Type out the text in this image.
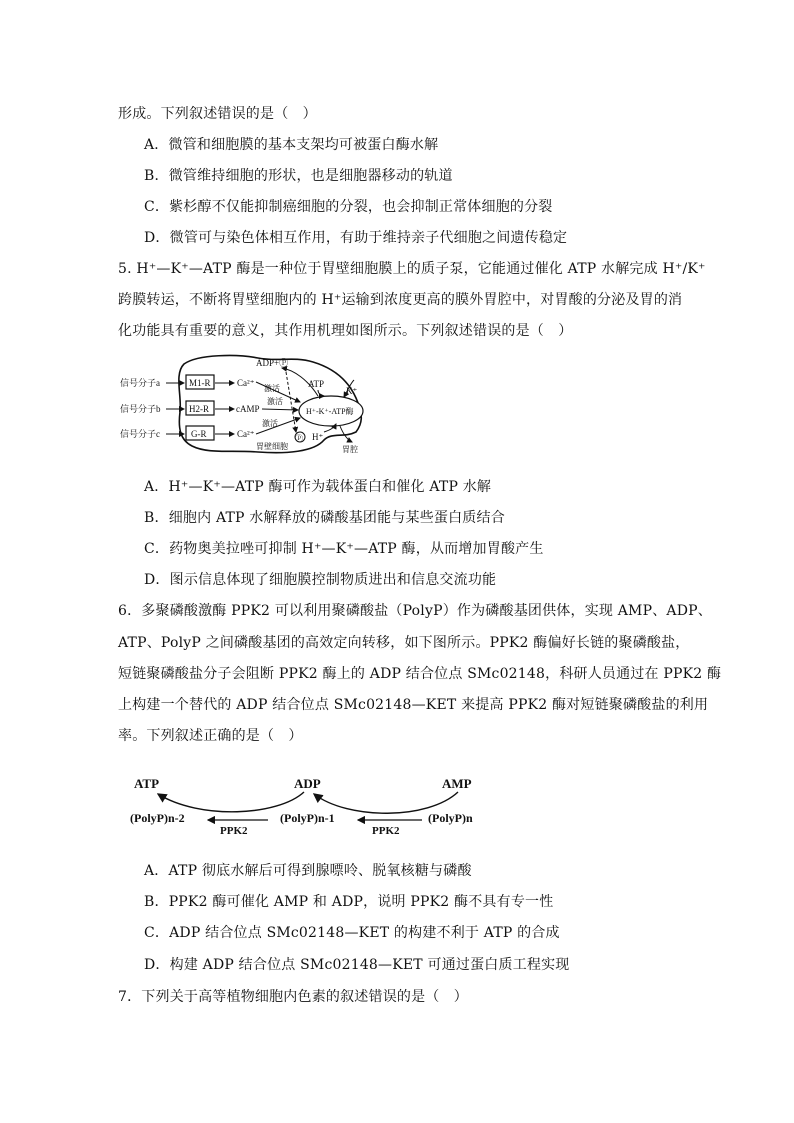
形成。下列叙述错误的是（　）
A．微管和细胞膜的基本支架均可被蛋白酶水解
B．微管维持细胞的形状，也是细胞器移动的轨道
C．紫杉醇不仅能抑制癌细胞的分裂，也会抑制正常体细胞的分裂
D．微管可与染色体相互作用，有助于维持亲子代细胞之间遗传稳定
5. H⁺—K⁺—ATP 酶是一种位于胃壁细胞膜上的质子泵，它能通过催化 ATP 水解完成 H⁺/K⁺
跨膜转运，不断将胃壁细胞内的 H⁺运输到浓度更高的膜外胃腔中，对胃酸的分泌及胃的消
化功能具有重要的意义，其作用机理如图所示。下列叙述错误的是（　）
信号分子a
信号分子b
信号分子c
M1-R
H2-R
G-R
Ca²⁺
cAMP
Ca²⁺
激活
激活
激活
H⁺-K⁺-ATP酶
ADP+Ⓟ
ATP
K⁺
Ⓟ H⁺
胃壁细胞	胃腔
A．H⁺—K⁺—ATP 酶可作为载体蛋白和催化 ATP 水解
B．细胞内 ATP 水解释放的磷酸基团能与某些蛋白质结合
C．药物奥美拉唑可抑制 H⁺—K⁺—ATP 酶，从而增加胃酸产生
D．图示信息体现了细胞膜控制物质进出和信息交流功能
6．多聚磷酸激酶 PPK2 可以利用聚磷酸盐（PolyP）作为磷酸基团供体，实现 AMP、ADP、
ATP、PolyP 之间磷酸基团的高效定向转移，如下图所示。PPK2 酶偏好长链的聚磷酸盐，
短链聚磷酸盐分子会阻断 PPK2 酶上的 ADP 结合位点 SMc02148，科研人员通过在 PPK2 酶
上构建一个替代的 ADP 结合位点 SMc02148—KET 来提高 PPK2 酶对短链聚磷酸盐的利用
率。下列叙述正确的是（　）
ATP	ADP	AMP
(PolyP)n-2	(PolyP)n-1	(PolyP)n
PPK2	PPK2
A．ATP 彻底水解后可得到腺嘌呤、脱氧核糖与磷酸
B．PPK2 酶可催化 AMP 和 ADP，说明 PPK2 酶不具有专一性
C．ADP 结合位点 SMc02148—KET 的构建不利于 ATP 的合成
D．构建 ADP 结合位点 SMc02148—KET 可通过蛋白质工程实现
7．下列关于高等植物细胞内色素的叙述错误的是（　）
